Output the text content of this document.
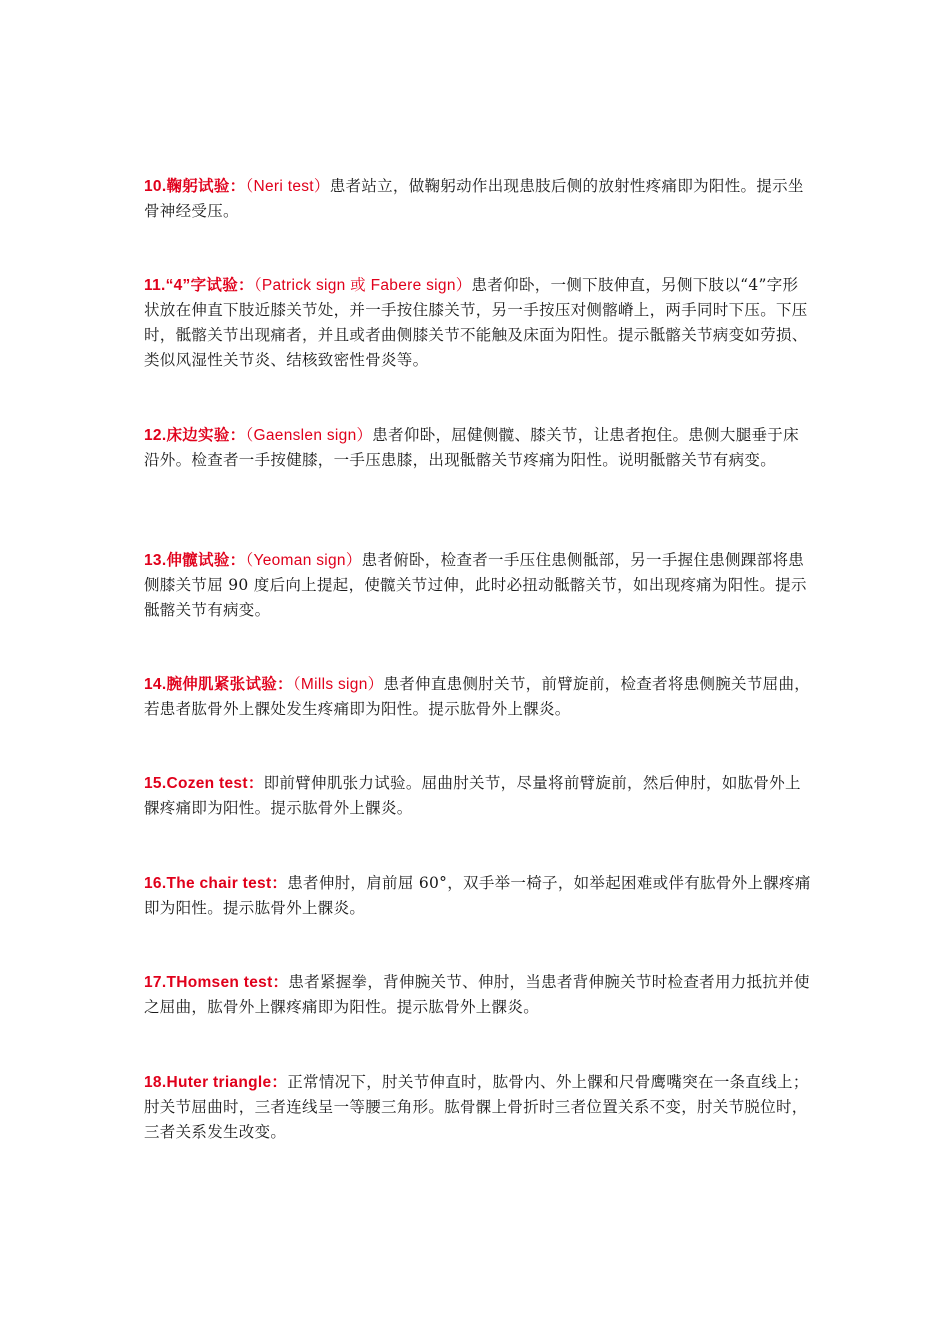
10.鞠躬试验：（Neri test）患者站立，做鞠躬动作出现患肢后侧的放射性疼痛即为阳性。提示坐骨神经受压。

11.“4”字试验：（Patrick sign 或 Fabere sign）患者仰卧，一侧下肢伸直，另侧下肢以“4”字形状放在伸直下肢近膝关节处，并一手按住膝关节，另一手按压对侧髂嵴上，两手同时下压。下压时，骶髂关节出现痛者，并且或者曲侧膝关节不能触及床面为阳性。提示骶髂关节病变如劳损、类似风湿性关节炎、结核致密性骨炎等。

12.床边实验：（Gaenslen sign）患者仰卧，屈健侧髋、膝关节，让患者抱住。患侧大腿垂于床沿外。检查者一手按健膝，一手压患膝，出现骶髂关节疼痛为阳性。说明骶髂关节有病变。

13.伸髋试验：（Yeoman sign）患者俯卧，检查者一手压住患侧骶部，另一手握住患侧踝部将患侧膝关节屈 90 度后向上提起，使髋关节过伸，此时必扭动骶髂关节，如出现疼痛为阳性。提示骶髂关节有病变。

14.腕伸肌紧张试验：（Mills sign）患者伸直患侧肘关节，前臂旋前，检查者将患侧腕关节屈曲，若患者肱骨外上髁处发生疼痛即为阳性。提示肱骨外上髁炎。

15.Cozen test：即前臂伸肌张力试验。屈曲肘关节，尽量将前臂旋前，然后伸肘，如肱骨外上髁疼痛即为阳性。提示肱骨外上髁炎。

16.The chair test：患者伸肘，肩前屈 60°，双手举一椅子，如举起困难或伴有肱骨外上髁疼痛即为阳性。提示肱骨外上髁炎。

17.THomsen test：患者紧握拳，背伸腕关节、伸肘，当患者背伸腕关节时检查者用力抵抗并使之屈曲，肱骨外上髁疼痛即为阳性。提示肱骨外上髁炎。

18.Huter triangle：正常情况下，肘关节伸直时，肱骨内、外上髁和尺骨鹰嘴突在一条直线上；肘关节屈曲时，三者连线呈一等腰三角形。肱骨髁上骨折时三者位置关系不变，肘关节脱位时，三者关系发生改变。
